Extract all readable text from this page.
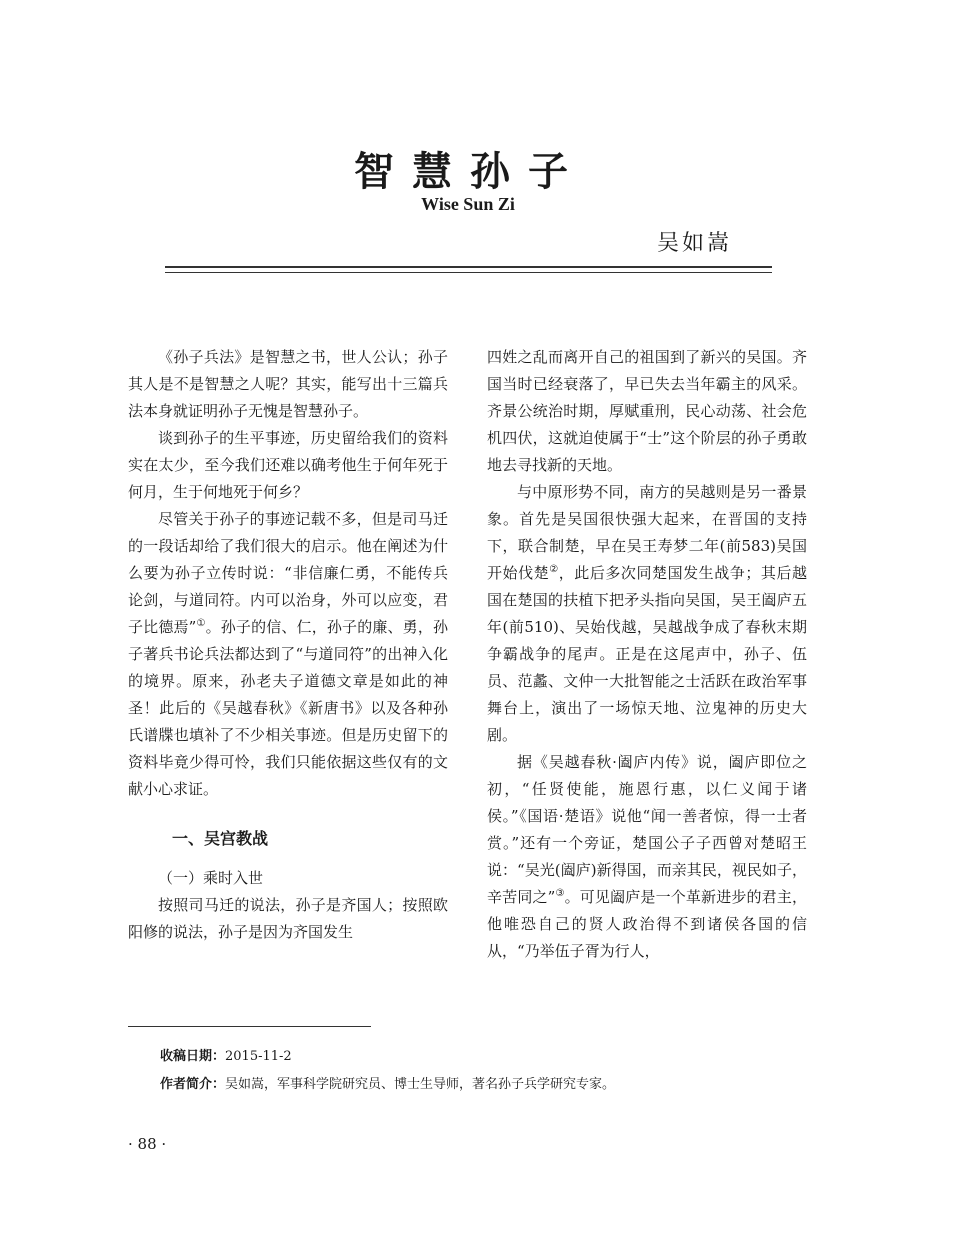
智慧孙子
Wise Sun Zi
吴如嵩

《孙子兵法》是智慧之书，世人公认；孙子其人是不是智慧之人呢？其实，能写出十三篇兵法本身就证明孙子无愧是智慧孙子。

谈到孙子的生平事迹，历史留给我们的资料实在太少，至今我们还难以确考他生于何年死于何月，生于何地死于何乡？

尽管关于孙子的事迹记载不多，但是司马迁的一段话却给了我们很大的启示。他在阐述为什么要为孙子立传时说：“非信廉仁勇，不能传兵论剑，与道同符。内可以治身，外可以应变，君子比德焉”①。孙子的信、仁，孙子的廉、勇，孙子著兵书论兵法都达到了“与道同符”的出神入化的境界。原来，孙老夫子道德文章是如此的神圣！此后的《吴越春秋》《新唐书》以及各种孙氏谱牒也填补了不少相关事迹。但是历史留下的资料毕竟少得可怜，我们只能依据这些仅有的文献小心求证。

一、吴宫教战

（一）乘时入世

按照司马迁的说法，孙子是齐国人；按照欧阳修的说法，孙子是因为齐国发生

四姓之乱而离开自己的祖国到了新兴的吴国。齐国当时已经衰落了，早已失去当年霸主的风采。齐景公统治时期，厚赋重刑，民心动荡、社会危机四伏，这就迫使属于“士”这个阶层的孙子勇敢地去寻找新的天地。

与中原形势不同，南方的吴越则是另一番景象。首先是吴国很快强大起来，在晋国的支持下，联合制楚，早在吴王寿梦二年(前583)吴国开始伐楚②，此后多次同楚国发生战争；其后越国在楚国的扶植下把矛头指向吴国，吴王阖庐五年(前510)、吴始伐越，吴越战争成了春秋末期争霸战争的尾声。正是在这尾声中，孙子、伍员、范蠡、文仲一大批智能之士活跃在政治军事舞台上，演出了一场惊天地、泣鬼神的历史大剧。

据《吴越春秋·阖庐内传》说，阖庐即位之初，“任贤使能，施恩行惠，以仁义闻于诸侯。”《国语·楚语》说他“闻一善者惊，得一士者赏。”还有一个旁证，楚国公子子西曾对楚昭王说：“吴光(阖庐)新得国，而亲其民，视民如子，辛苦同之”③。可见阖庐是一个革新进步的君主，他唯恐自己的贤人政治得不到诸侯各国的信从，“乃举伍子胥为行人，

收稿日期：2015-11-2
作者简介：吴如嵩，军事科学院研究员、博士生导师，著名孙子兵学研究专家。
· 88 ·
